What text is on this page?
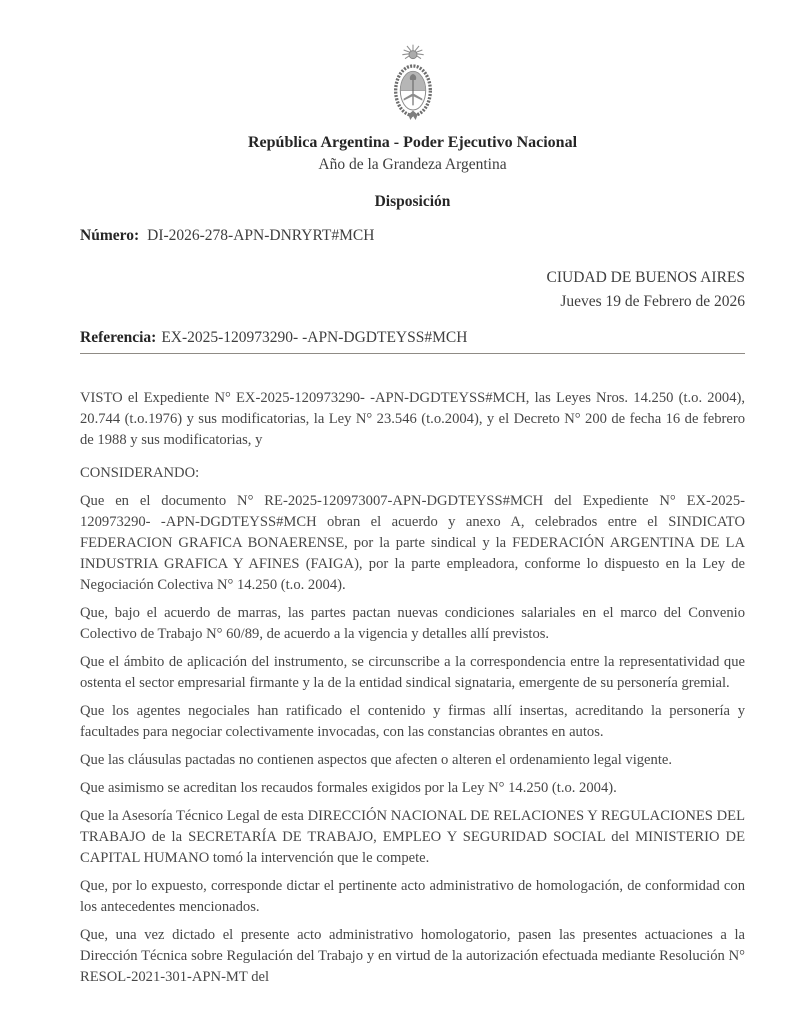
República Argentina - Poder Ejecutivo Nacional
Año de la Grandeza Argentina
Disposición
Número: DI-2026-278-APN-DNRYRT#MCH
CIUDAD DE BUENOS AIRES
Jueves 19 de Febrero de 2026
Referencia: EX-2025-120973290- -APN-DGDTEYSS#MCH

VISTO el Expediente N° EX-2025-120973290- -APN-DGDTEYSS#MCH, las Leyes Nros. 14.250 (t.o. 2004), 20.744 (t.o.1976) y sus modificatorias, la Ley N° 23.546 (t.o.2004), y el Decreto N° 200 de fecha 16 de febrero de 1988 y sus modificatorias, y

CONSIDERANDO:

Que en el documento N° RE-2025-120973007-APN-DGDTEYSS#MCH del Expediente N° EX-2025-120973290- -APN-DGDTEYSS#MCH obran el acuerdo y anexo A, celebrados entre el SINDICATO FEDERACION GRAFICA BONAERENSE, por la parte sindical y la FEDERACIÓN ARGENTINA DE LA INDUSTRIA GRAFICA Y AFINES (FAIGA), por la parte empleadora, conforme lo dispuesto en la Ley de Negociación Colectiva N° 14.250 (t.o. 2004).

Que, bajo el acuerdo de marras, las partes pactan nuevas condiciones salariales en el marco del Convenio Colectivo de Trabajo N° 60/89, de acuerdo a la vigencia y detalles allí previstos.

Que el ámbito de aplicación del instrumento, se circunscribe a la correspondencia entre la representatividad que ostenta el sector empresarial firmante y la de la entidad sindical signataria, emergente de su personería gremial.

Que los agentes negociales han ratificado el contenido y firmas allí insertas, acreditando la personería y facultades para negociar colectivamente invocadas, con las constancias obrantes en autos.

Que las cláusulas pactadas no contienen aspectos que afecten o alteren el ordenamiento legal vigente.

Que asimismo se acreditan los recaudos formales exigidos por la Ley N° 14.250 (t.o. 2004).

Que la Asesoría Técnico Legal de esta DIRECCIÓN NACIONAL DE RELACIONES Y REGULACIONES DEL TRABAJO de la SECRETARÍA DE TRABAJO, EMPLEO Y SEGURIDAD SOCIAL del MINISTERIO DE CAPITAL HUMANO tomó la intervención que le compete.

Que, por lo expuesto, corresponde dictar el pertinente acto administrativo de homologación, de conformidad con los antecedentes mencionados.

Que, una vez dictado el presente acto administrativo homologatorio, pasen las presentes actuaciones a la Dirección Técnica sobre Regulación del Trabajo y en virtud de la autorización efectuada mediante Resolución N° RESOL-2021-301-APN-MT del
